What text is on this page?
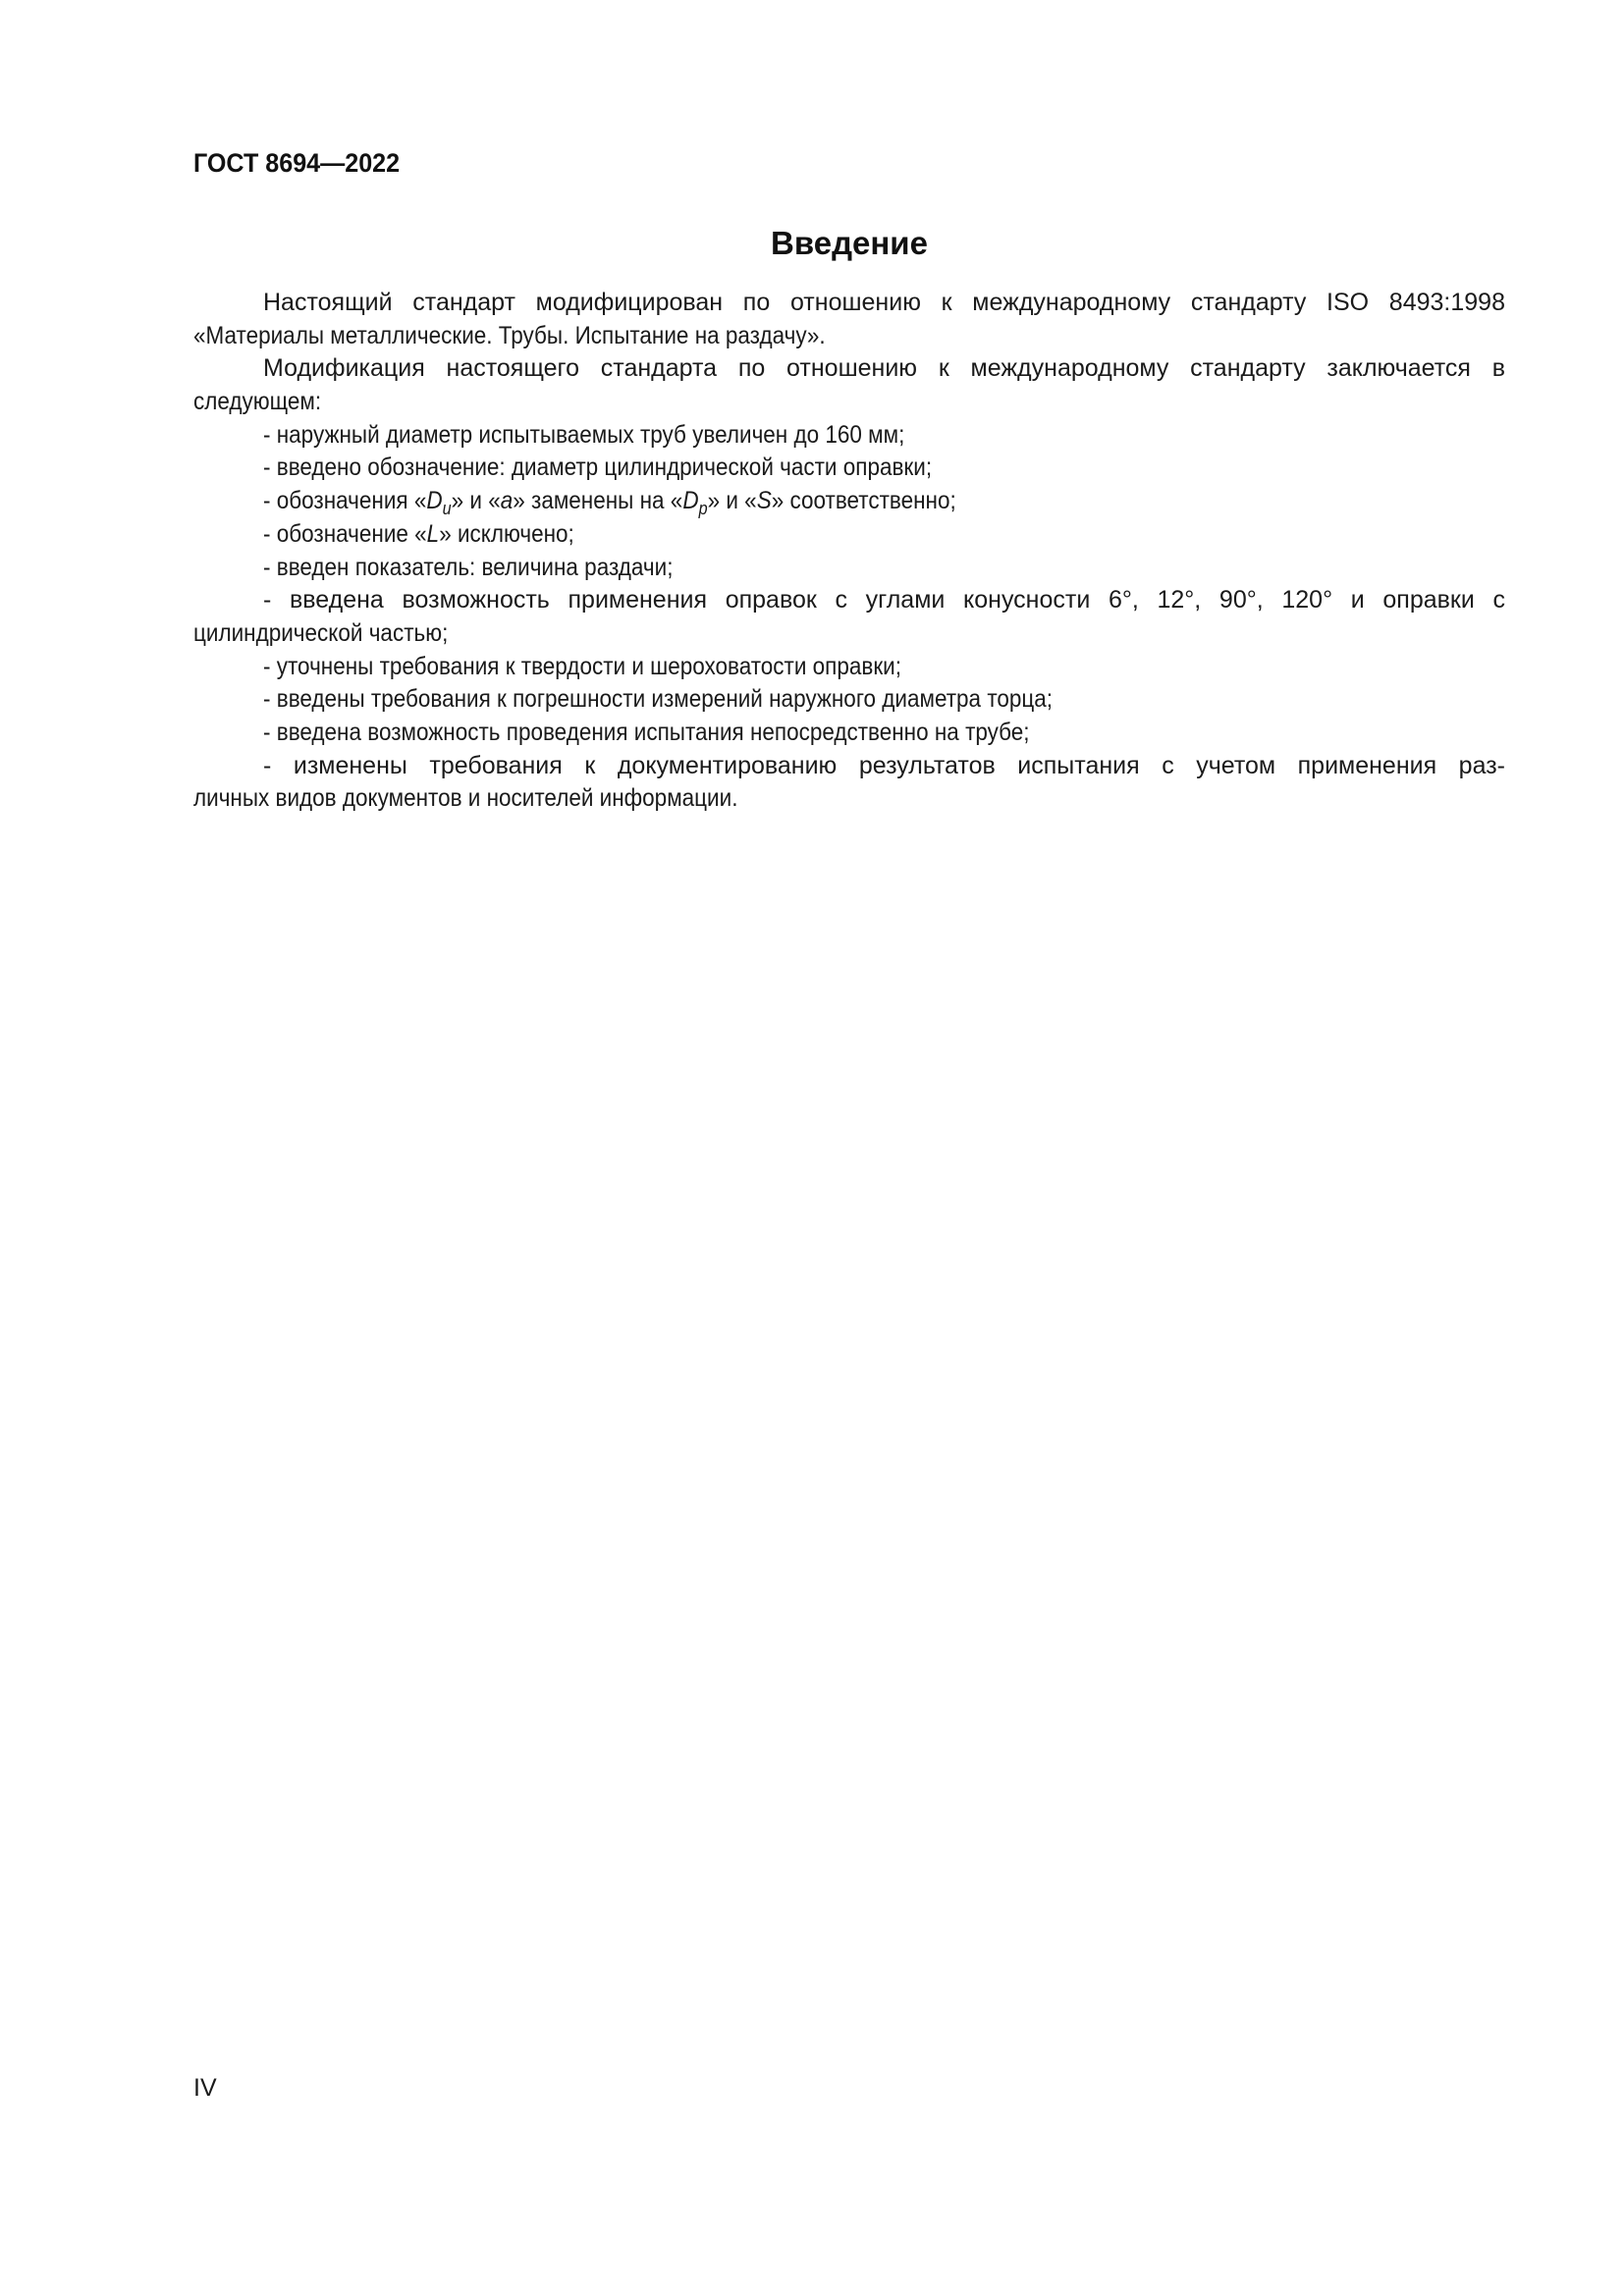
ГОСТ 8694—2022
Введение
Настоящий стандарт модифицирован по отношению к международному стандарту ISO 8493:1998
«Материалы металлические. Трубы. Испытание на раздачу».
Модификация настоящего стандарта по отношению к международному стандарту заключается в
следующем:
- наружный диаметр испытываемых труб увеличен до 160 мм;
- введено обозначение: диаметр цилиндрической части оправки;
- обозначения «$D_u$» и «a» заменены на «$D_p$» и «S» соответственно;
- обозначение «L» исключено;
- введен показатель: величина раздачи;
- введена возможность применения оправок с углами конусности 6°, 12°, 90°, 120° и оправки с
цилиндрической частью;
- уточнены требования к твердости и шероховатости оправки;
- введены требования к погрешности измерений наружного диаметра торца;
- введена возможность проведения испытания непосредственно на трубе;
- изменены требования к документированию результатов испытания с учетом применения раз-
личных видов документов и носителей информации.
IV
